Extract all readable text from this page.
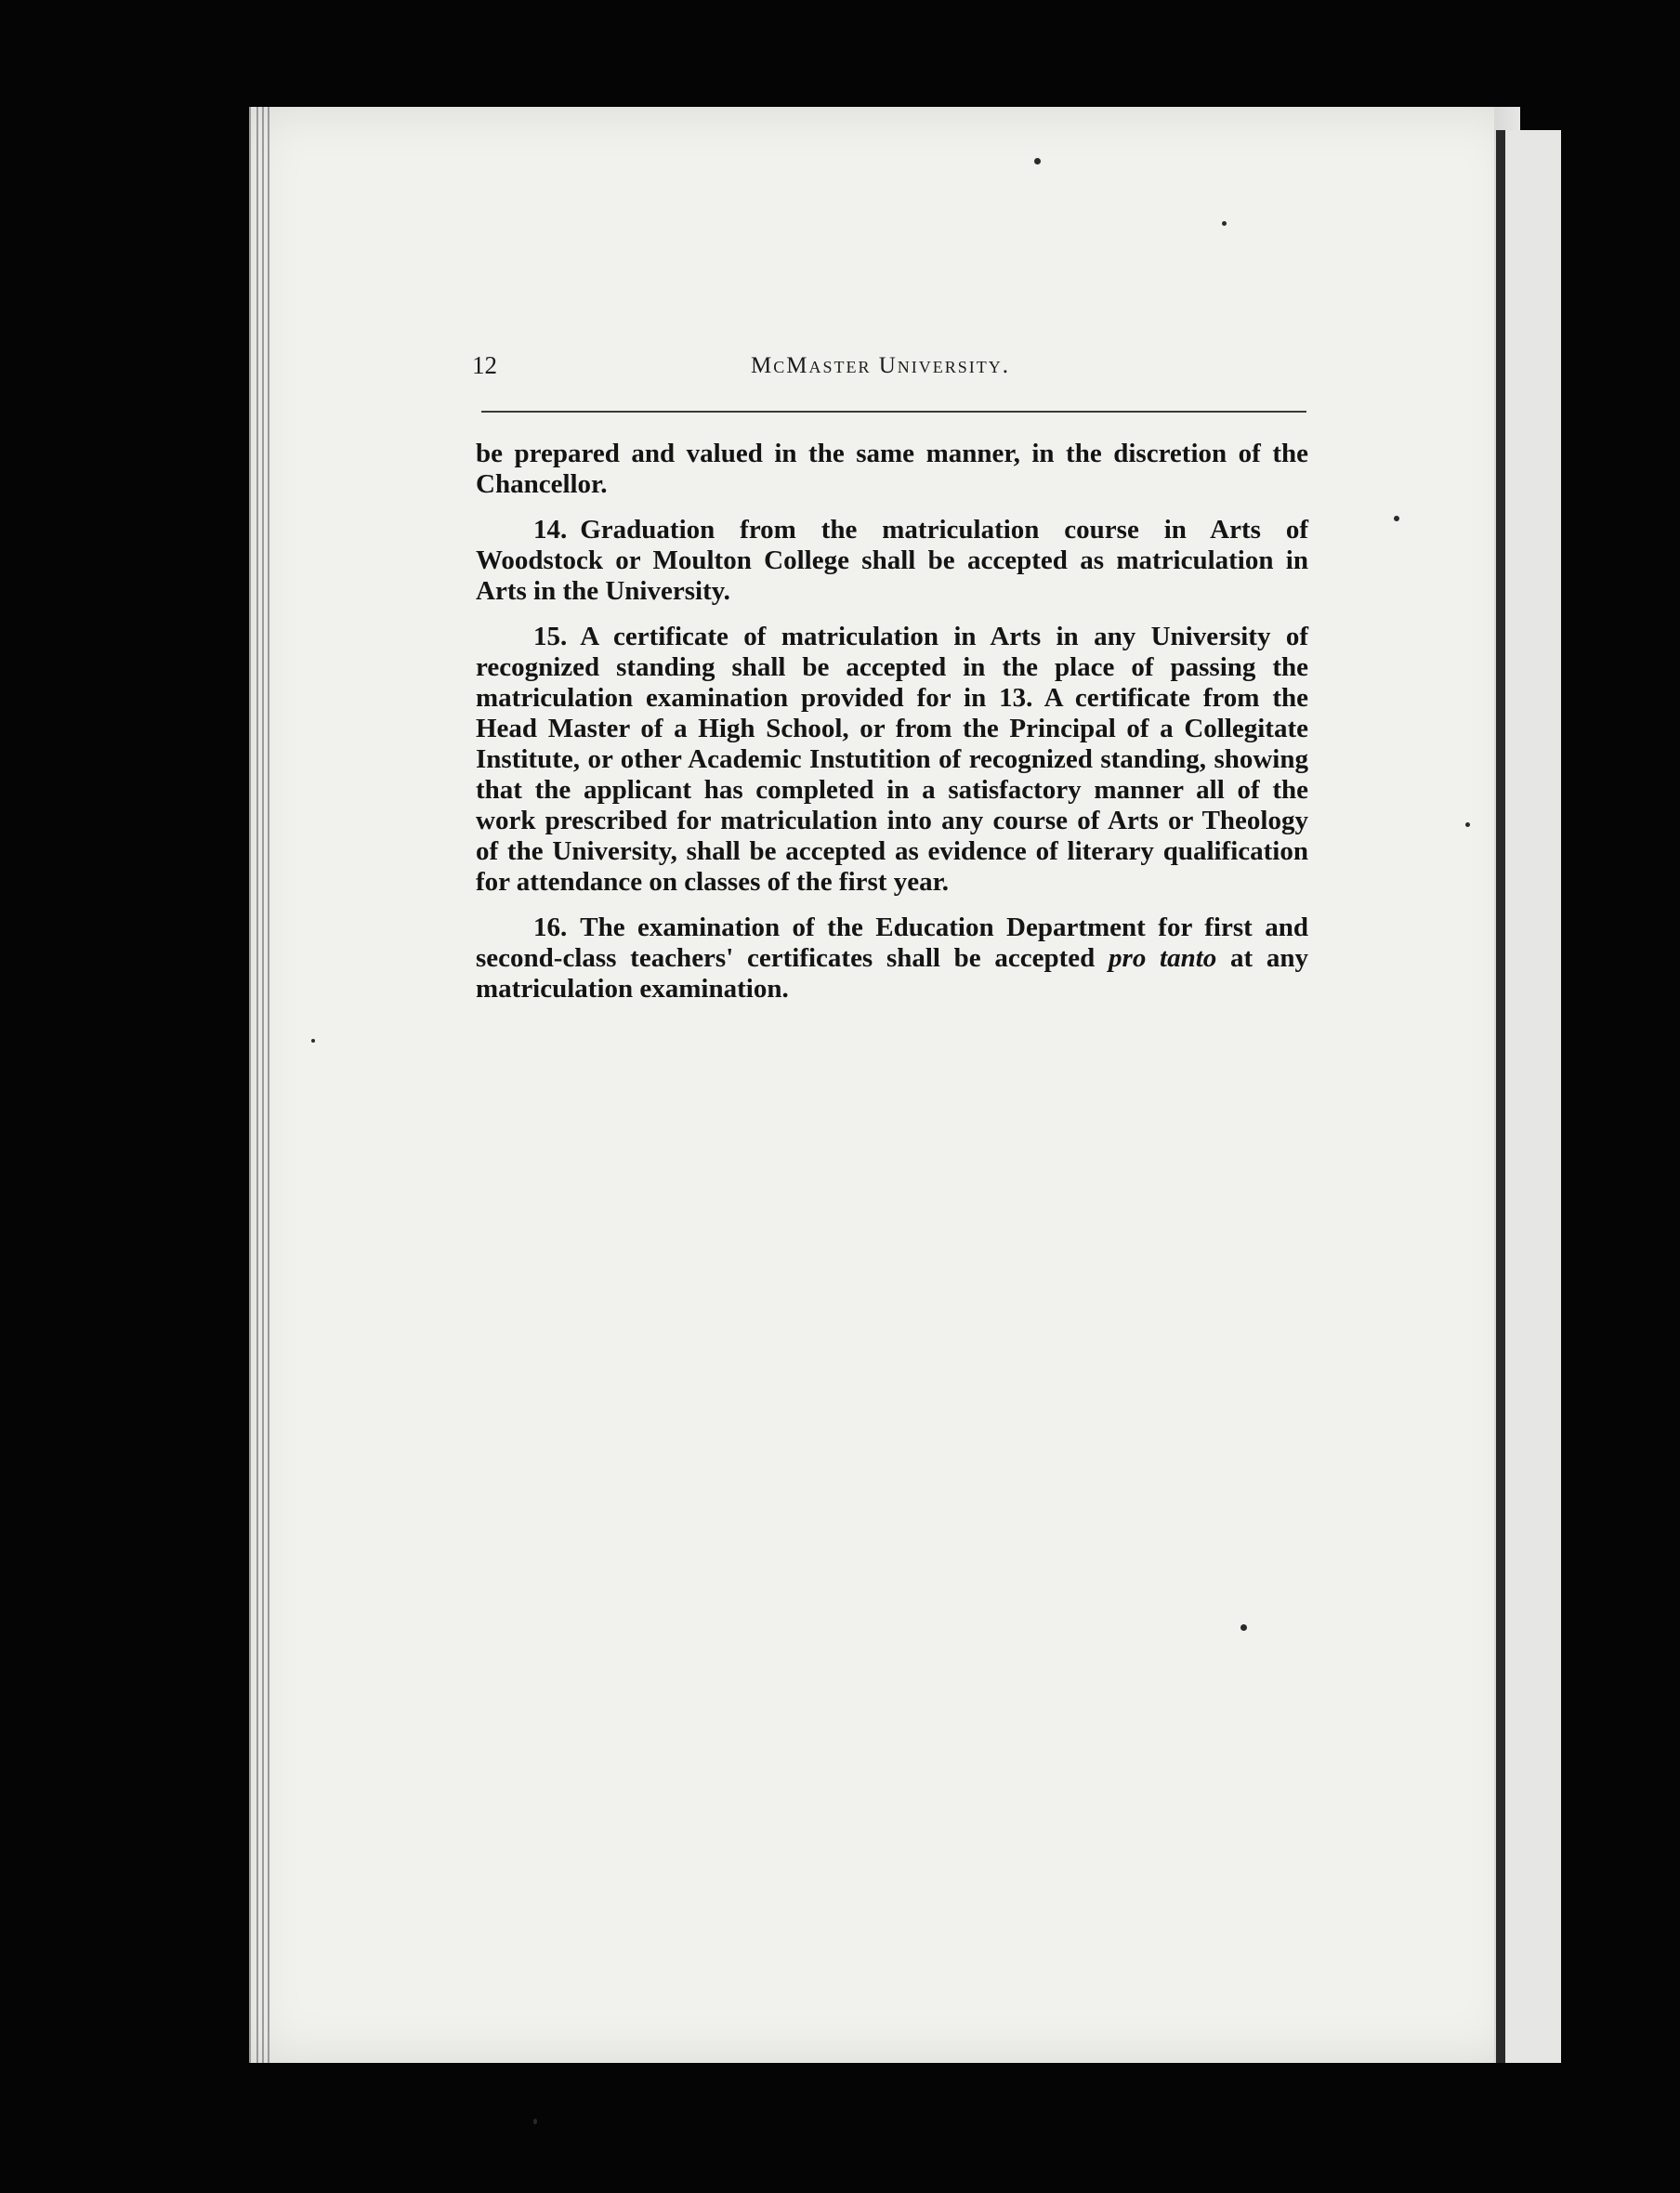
12	McMaster University.

be prepared and valued in the same manner, in the discretion of the Chancellor.

14. Graduation from the matriculation course in Arts of Woodstock or Moulton College shall be accepted as matriculation in Arts in the University.

15. A certificate of matriculation in Arts in any University of recognized standing shall be accepted in the place of passing the matriculation examination provided for in 13. A certificate from the Head Master of a High School, or from the Principal of a Collegitate Institute, or other Academic Instutition of recognized standing, showing that the applicant has completed in a satisfactory manner all of the work prescribed for matriculation into any course of Arts or Theology of the University, shall be accepted as evidence of literary qualification for attendance on classes of the first year.

16. The examination of the Education Department for first and second-class teachers' certificates shall be accepted pro tanto at any matriculation examination.
